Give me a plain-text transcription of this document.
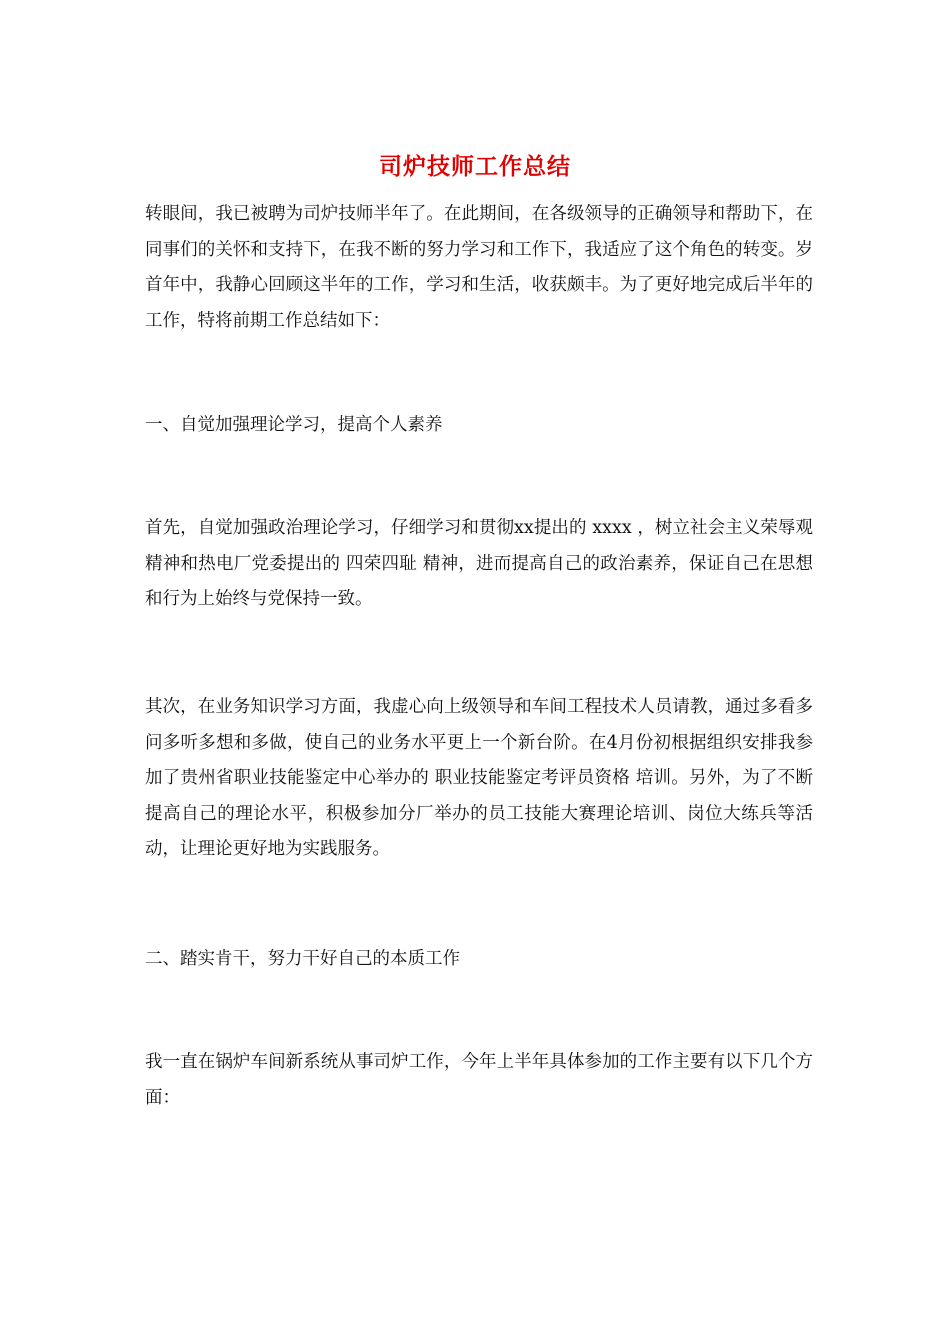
司炉技师工作总结
转眼间，我已被聘为司炉技师半年了。在此期间，在各级领导的正确领导和帮助下，在同事们的关怀和支持下，在我不断的努力学习和工作下，我适应了这个角色的转变。岁首年中，我静心回顾这半年的工作，学习和生活，收获颇丰。为了更好地完成后半年的工作，特将前期工作总结如下：
一、自觉加强理论学习，提高个人素养
首先，自觉加强政治理论学习，仔细学习和贯彻xx提出的 xxxx ，树立社会主义荣辱观精神和热电厂党委提出的 四荣四耻 精神，进而提高自己的政治素养，保证自己在思想和行为上始终与党保持一致。
其次，在业务知识学习方面，我虚心向上级领导和车间工程技术人员请教，通过多看多问多听多想和多做，使自己的业务水平更上一个新台阶。在4月份初根据组织安排我参加了贵州省职业技能鉴定中心举办的 职业技能鉴定考评员资格 培训。另外，为了不断提高自己的理论水平，积极参加分厂举办的员工技能大赛理论培训、岗位大练兵等活动，让理论更好地为实践服务。
二、踏实肯干，努力干好自己的本质工作
我一直在锅炉车间新系统从事司炉工作，今年上半年具体参加的工作主要有以下几个方面：
